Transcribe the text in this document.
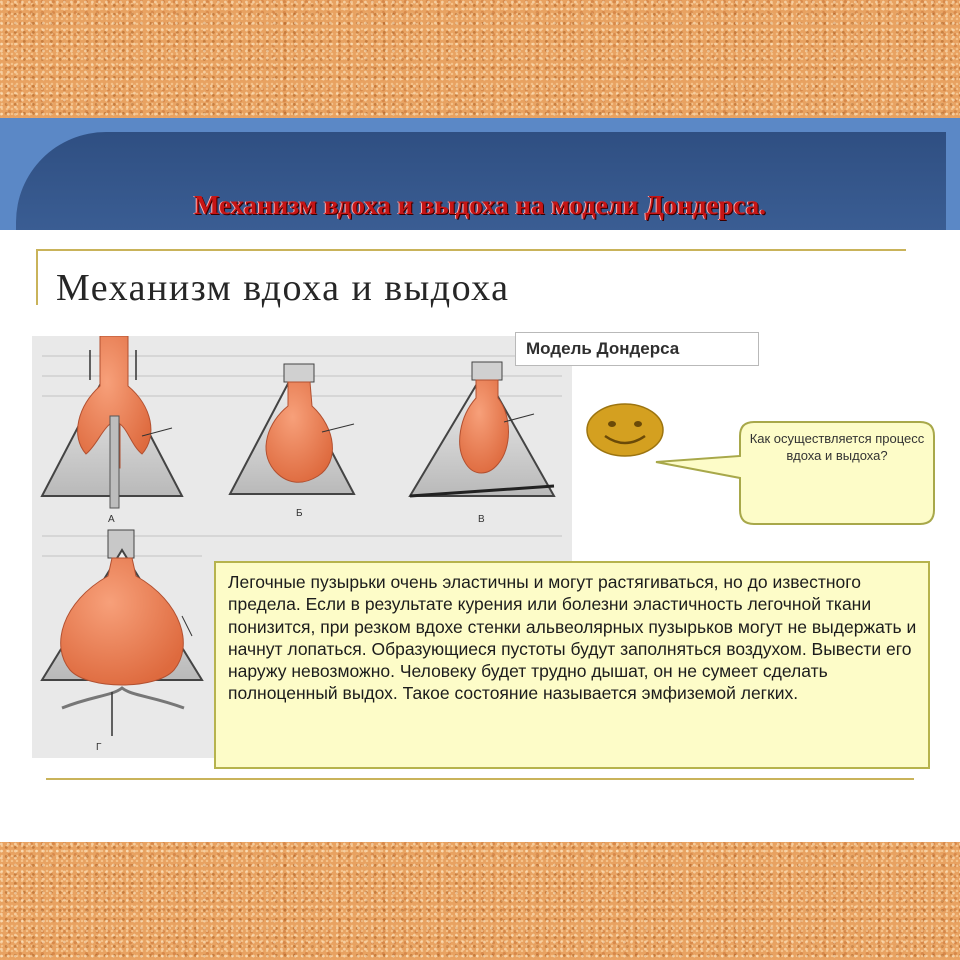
Механизм вдоха и выдоха на модели Дондерса.
Механизм вдоха и выдоха
А
Б
В
Г
Модель Дондерса
Как осуществляется процесс вдоха и выдоха?
Легочные пузырьки очень эластичны и могут растягиваться, но до известного предела. Если в результате курения или болезни эластичность легочной ткани понизится, при резком вдохе стенки альвеолярных пузырьков могут не выдержать и начнут лопаться. Образующиеся пустоты будут заполняться воздухом. Вывести его наружу невозможно. Человеку будет трудно дышат, он не сумеет сделать полноценный выдох. Такое состояние называется эмфиземой легких.
